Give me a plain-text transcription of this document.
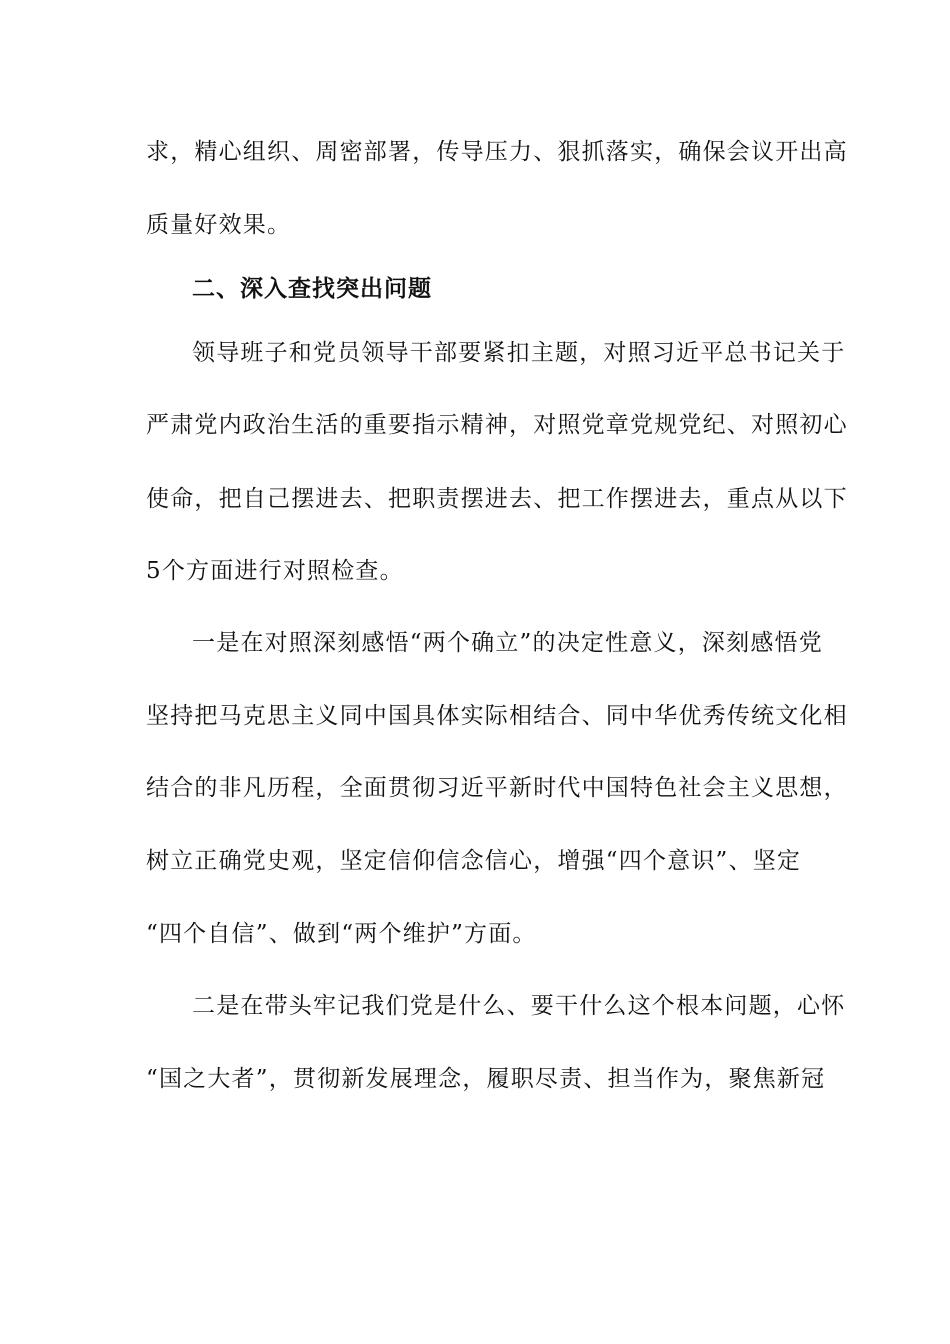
求，精心组织、周密部署，传导压力、狠抓落实，确保会议开出高
质量好效果。
二、深入查找突出问题
领导班子和党员领导干部要紧扣主题，对照习近平总书记关于
严肃党内政治生活的重要指示精神，对照党章党规党纪、对照初心
使命，把自己摆进去、把职责摆进去、把工作摆进去，重点从以下
5个方面进行对照检查。
一是在对照深刻感悟“两个确立”的决定性意义，深刻感悟党
坚持把马克思主义同中国具体实际相结合、同中华优秀传统文化相
结合的非凡历程，全面贯彻习近平新时代中国特色社会主义思想，
树立正确党史观，坚定信仰信念信心，增强“四个意识”、坚定
“四个自信”、做到“两个维护”方面。
二是在带头牢记我们党是什么、要干什么这个根本问题，心怀
“国之大者”，贯彻新发展理念，履职尽责、担当作为，聚焦新冠
